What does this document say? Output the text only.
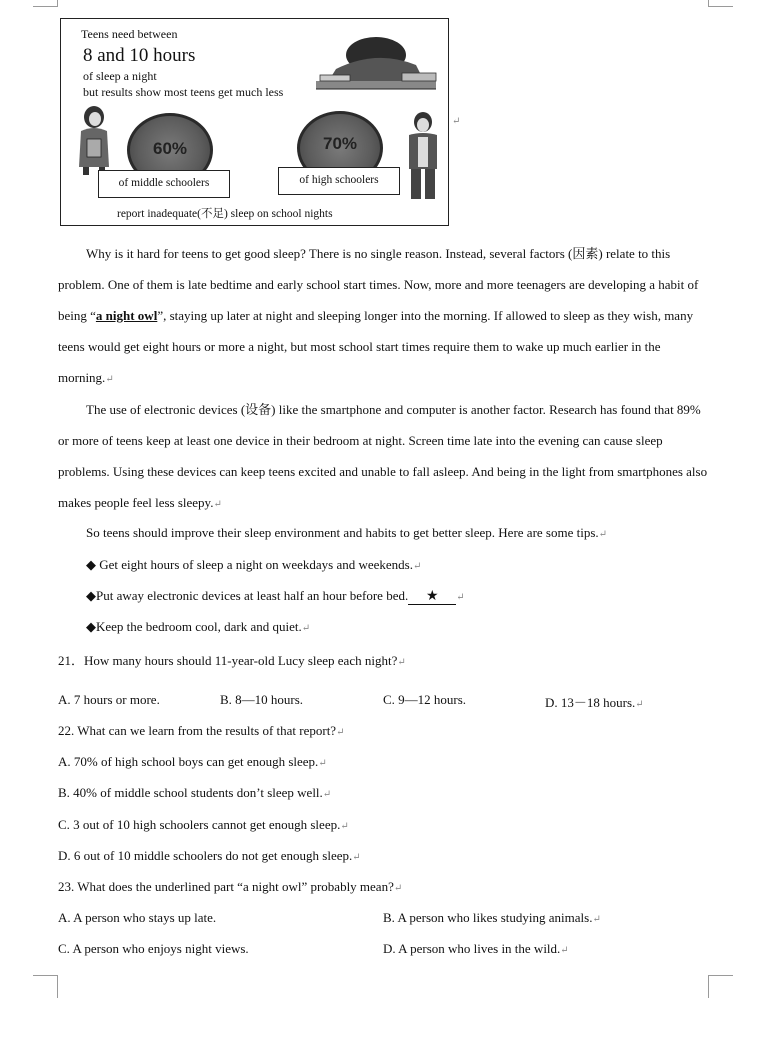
Teens need between
8 and 10 hours
of sleep a night
but results show most teens get much less
60%
of middle schoolers
70%
of high schoolers
report inadequate(不足) sleep on school nights
↵
Why is it hard for teens to get good sleep? There is no single reason. Instead, several factors (因素) relate to this problem. One of them is late bedtime and early school start times. Now, more and more teenagers are developing a habit of being “a night owl”, staying up later at night and sleeping longer into the morning. If allowed to sleep as they wish, many teens would get eight hours or more a night, but most school start times require them to wake up much earlier in the morning.↵
The use of electronic devices (设备) like the smartphone and computer is another factor. Research has found that 89% or more of teens keep at least one device in their bedroom at night. Screen time late into the evening can cause sleep problems. Using these devices can keep teens excited and unable to fall asleep. And being in the light from smartphones also makes people feel less sleepy.↵
So teens should improve their sleep environment and habits to get better sleep. Here are some tips.↵
◆ Get eight hours of sleep a night on weekdays and weekends.↵
◆Put away electronic devices at least half an hour before bed. ★ ↵
◆Keep the bedroom cool, dark and quiet.↵
21．How many hours should 11-year-old Lucy sleep each night?↵
A. 7 hours or more.	B. 8—10 hours.	C. 9—12 hours.	D. 13－18 hours.↵
22. What can we learn from the results of that report?↵
A. 70% of high school boys can get enough sleep.↵
B. 40% of middle school students don’t sleep well.↵
C. 3 out of 10 high schoolers cannot get enough sleep.↵
D. 6 out of 10 middle schoolers do not get enough sleep.↵
23. What does the underlined part “a night owl” probably mean?↵
A. A person who stays up late.	B. A person who likes studying animals.↵
C. A person who enjoys night views.	D. A person who lives in the wild.↵
